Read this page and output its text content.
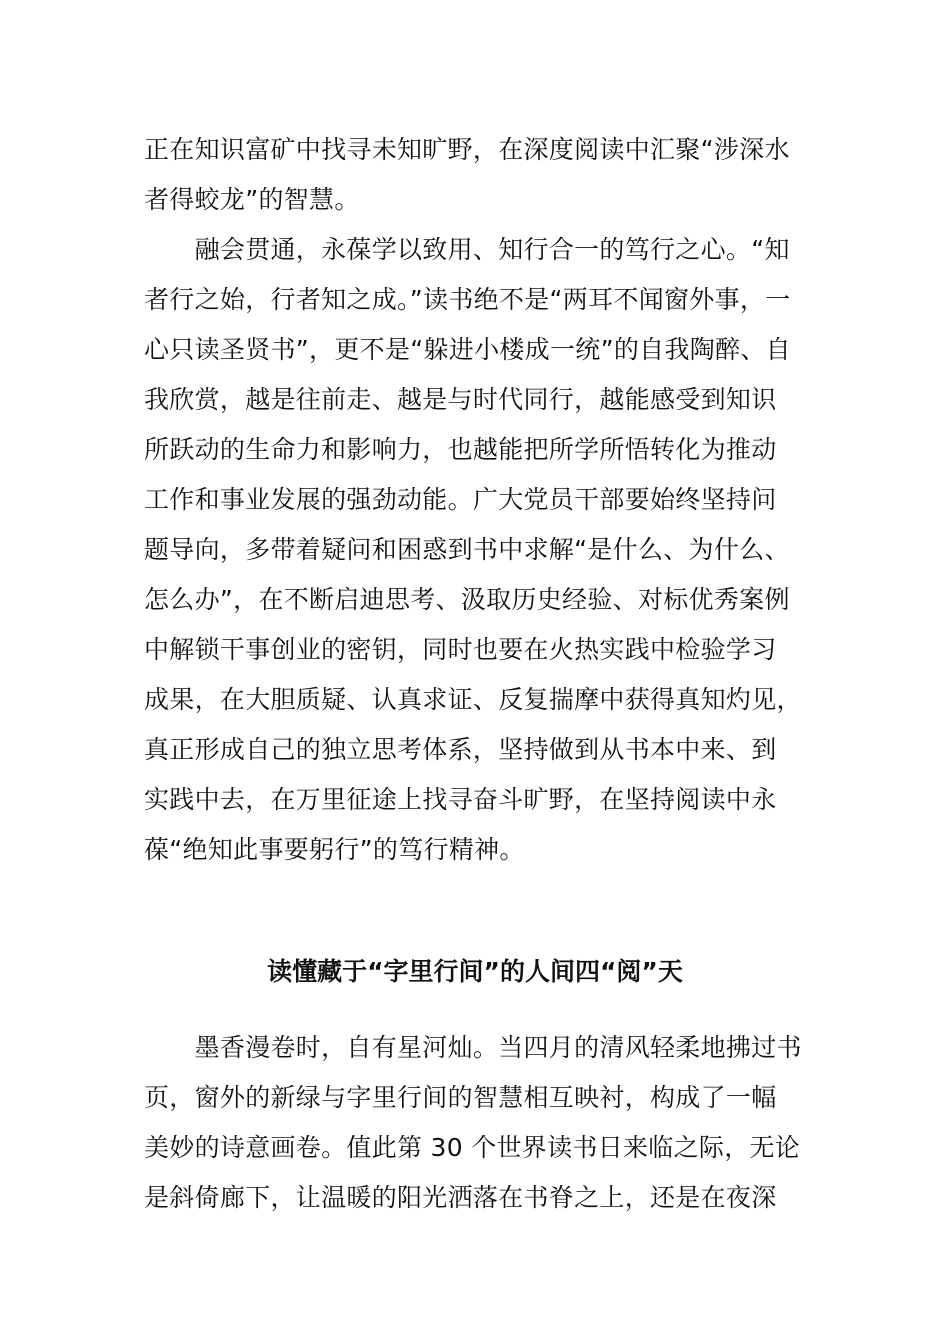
正在知识富矿中找寻未知旷野，在深度阅读中汇聚“涉深水
者得蛟龙”的智慧。
　　融会贯通，永葆学以致用、知行合一的笃行之心。“知
者行之始，行者知之成。”读书绝不是“两耳不闻窗外事，一
心只读圣贤书”，更不是“躲进小楼成一统”的自我陶醉、自
我欣赏，越是往前走、越是与时代同行，越能感受到知识
所跃动的生命力和影响力，也越能把所学所悟转化为推动
工作和事业发展的强劲动能。广大党员干部要始终坚持问
题导向，多带着疑问和困惑到书中求解“是什么、为什么、
怎么办”，在不断启迪思考、汲取历史经验、对标优秀案例
中解锁干事创业的密钥，同时也要在火热实践中检验学习
成果，在大胆质疑、认真求证、反复揣摩中获得真知灼见，
真正形成自己的独立思考体系，坚持做到从书本中来、到
实践中去，在万里征途上找寻奋斗旷野，在坚持阅读中永
葆“绝知此事要躬行”的笃行精神。
读懂藏于“字里行间”的人间四“阅”天
　　墨香漫卷时，自有星河灿。当四月的清风轻柔地拂过书
页，窗外的新绿与字里行间的智慧相互映衬，构成了一幅
美妙的诗意画卷。值此第 30 个世界读书日来临之际，无论
是斜倚廊下，让温暖的阳光洒落在书脊之上，还是在夜深
